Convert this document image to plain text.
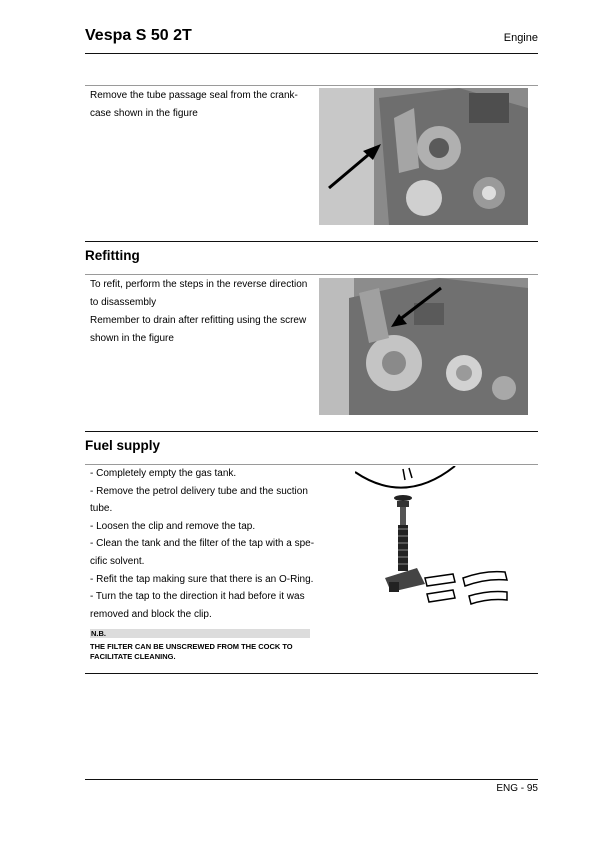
Vespa S 50 2T	Engine

Remove the tube passage seal from the crank-
case shown in the figure

Refitting

To refit, perform the steps in the reverse direction
to disassembly
Remember to drain after refitting using the screw
shown in the figure

Fuel supply
- Completely empty the gas tank.
- Remove the petrol delivery tube and the suction
tube.
- Loosen the clip and remove the tap.
- Clean the tank and the filter of the tap with a spe-
cific solvent.
- Refit the tap making sure that there is an O-Ring.
- Turn the tap to the direction it had before it was
removed and block the clip.
N.B.
THE FILTER CAN BE UNSCREWED FROM THE COCK TO FACILITATE CLEANING.
ENG - 95
